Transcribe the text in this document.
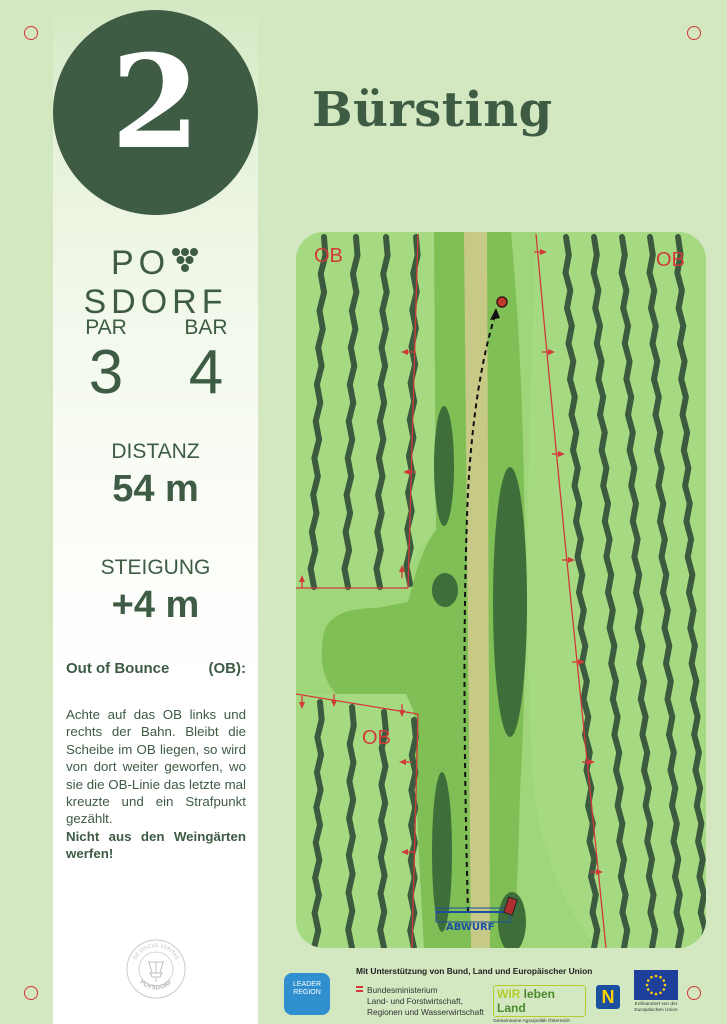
2	Bürsting
POSDORF
PAR
3
BAR
4
DISTANZ
54 m
STEIGUNG
+4 m
Out of Bounce	(OB):
Achte auf das OB links und rechts der Bahn. Bleibt die Scheibe im OB liegen, so wird von dort weiter geworfen, wo sie die OB-Linie das letzte mal kreuzte und ein Strafpunkt gezählt.
Nicht aus den Weingärten werfen!
DE DISCUS VERITAS
POYSDORF
ABWURF
OB	OB
OB
Mit Unterstützung von Bund, Land und Europäischer Union
LEADER
REGION	Bundesministerium
Land- und Forstwirtschaft,
Regionen und Wasserwirtschaft
WIR leben Land
Gemeinsame Agrarpolitik Österreich
N	Kofinanziert von der
Europäischen Union
